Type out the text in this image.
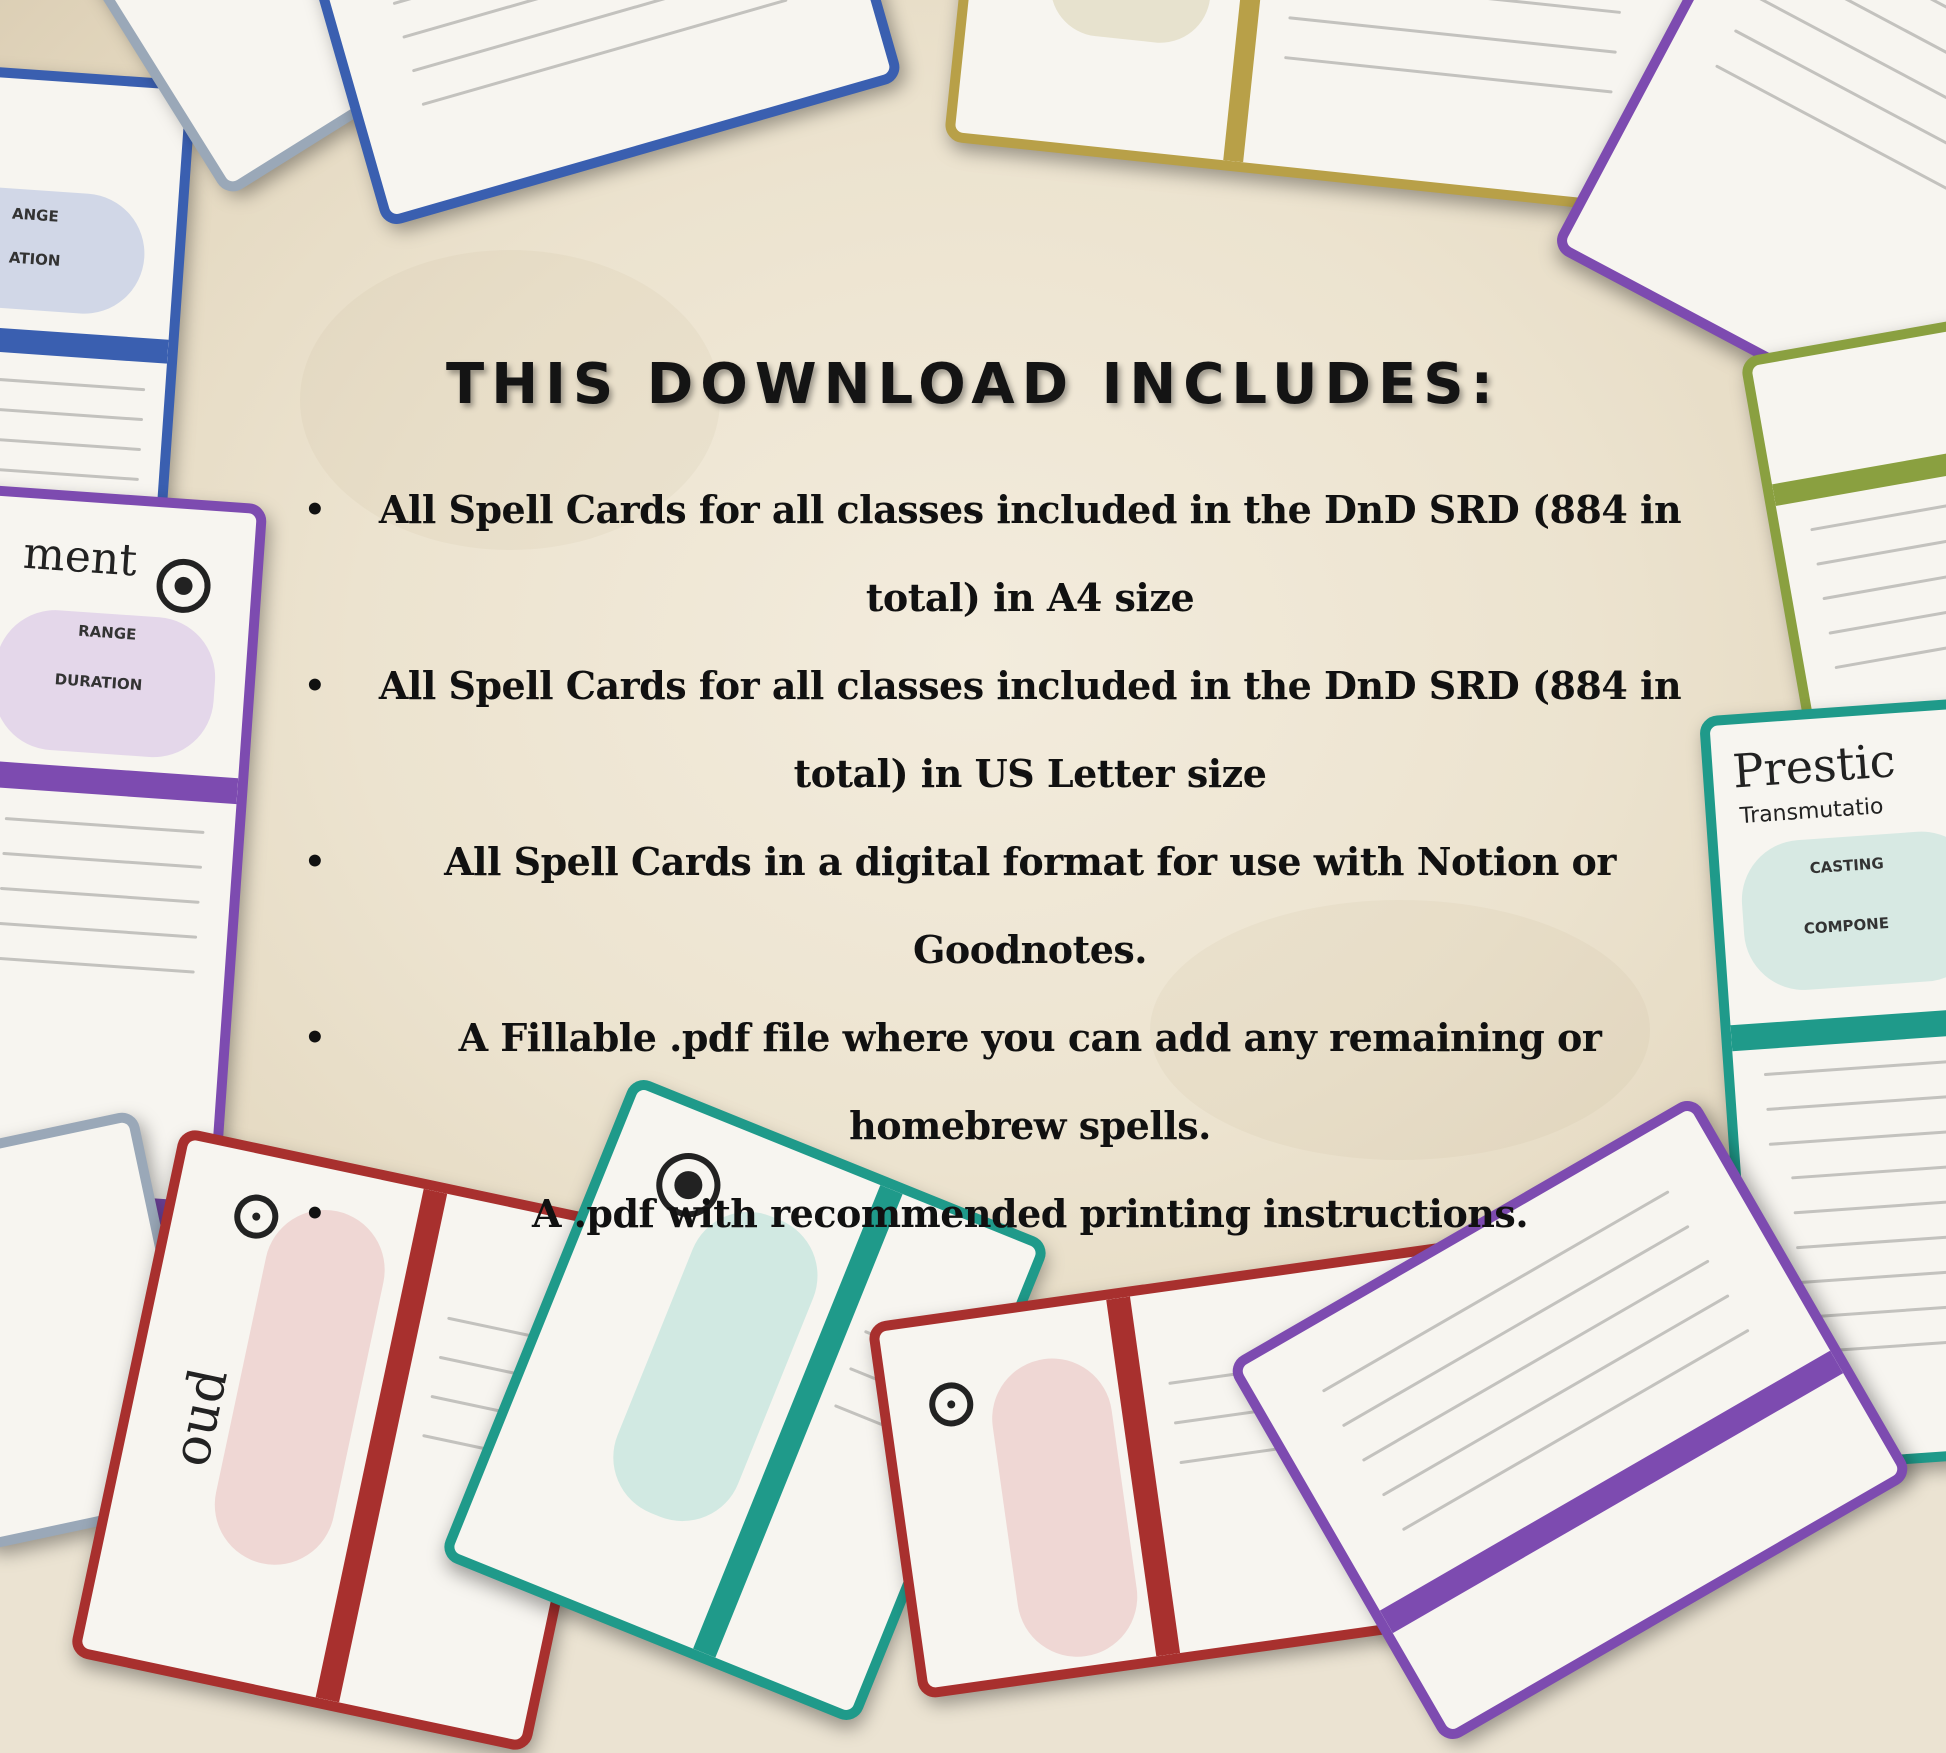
ANGE
ATION
Prestic
Transmutatio
CASTING
COMPONE
ment
RANGE
DURATION
oud
THIS DOWNLOAD INCLUDES:
• All Spell Cards for all classes included in the DnD SRD (884 in total) in A4 size
• All Spell Cards for all classes included in the DnD SRD (884 in total) in US Letter size
•	All Spell Cards in a digital format for use with Notion or Goodnotes.
•	A Fillable .pdf file where you can add any remaining or homebrew spells.
•	A .pdf with recommended printing instructions.
